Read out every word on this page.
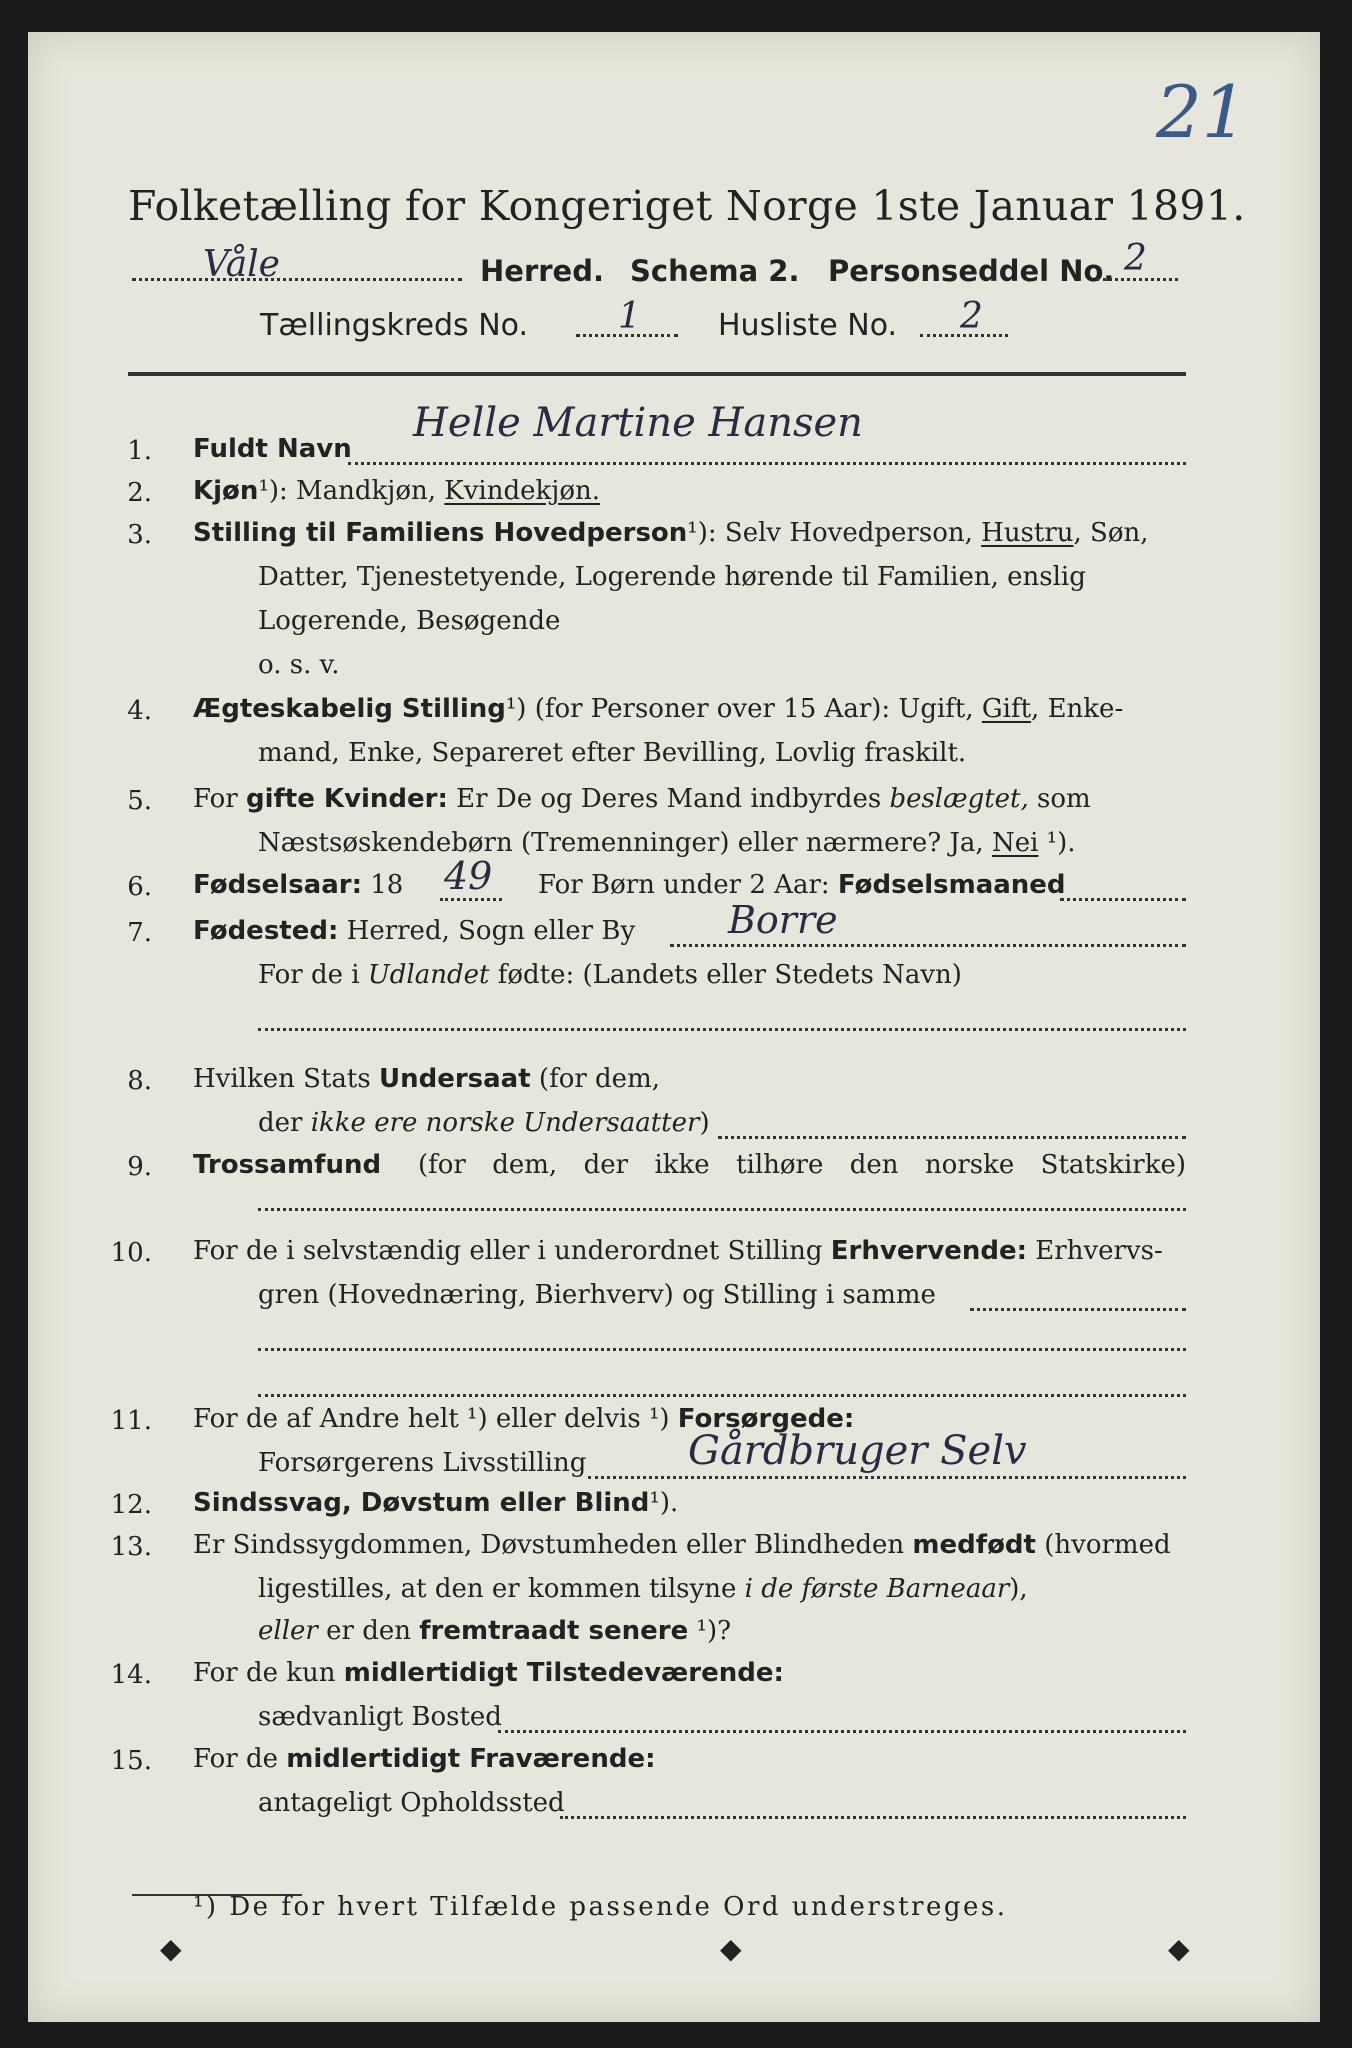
21
Folketælling for Kongeriget Norge 1ste Januar 1891.
Våle	Herred. Schema 2. Personseddel No. 2
Tællingskreds No.	1	Husliste No. 2
1. Fuldt Navn
Helle Martine Hansen
2. Kjøn¹): Mandkjøn, Kvindekjøn.
3. Stilling til Familiens Hovedperson¹): Selv Hovedperson, Hustru, Søn,
Datter, Tjenestetyende, Logerende hørende til Familien, enslig
Logerende, Besøgende
o. s. v.
4. Ægteskabelig Stilling¹) (for Personer over 15 Aar): Ugift, Gift, Enke-
mand, Enke, Separeret efter Bevilling, Lovlig fraskilt.
5. For gifte Kvinder: Er De og Deres Mand indbyrdes beslægtet, som
Næstsøskendebørn (Tremenninger) eller nærmere? Ja, Nei ¹).
6. Fødselsaar: 18 49 For Børn under 2 Aar: Fødselsmaaned
7. Fødested: Herred, Sogn eller By Borre
For de i Udlandet fødte: (Landets eller Stedets Navn)
8. Hvilken Stats Undersaat (for dem,
der ikke ere norske Undersaatter)
9. Trossamfund (for dem, der ikke tilhøre den norske Statskirke)
10. For de i selvstændig eller i underordnet Stilling Erhvervende: Erhvervs-
gren (Hovednæring, Bierhverv) og Stilling i samme
11. For de af Andre helt ¹) eller delvis ¹) Forsørgede:
Forsørgerens Livsstilling	Gårdbruger Selv
12. Sindssvag, Døvstum eller Blind¹).
13. Er Sindssygdommen, Døvstumheden eller Blindheden medfødt (hvormed
ligestilles, at den er kommen tilsyne i de første Barneaar),
eller er den fremtraadt senere ¹)?
14. For de kun midlertidigt Tilstedeværende:
sædvanligt Bosted
15. For de midlertidigt Fraværende:
antageligt Opholdssted
¹) De for hvert Tilfælde passende Ord understreges.
◆	◆	◆
